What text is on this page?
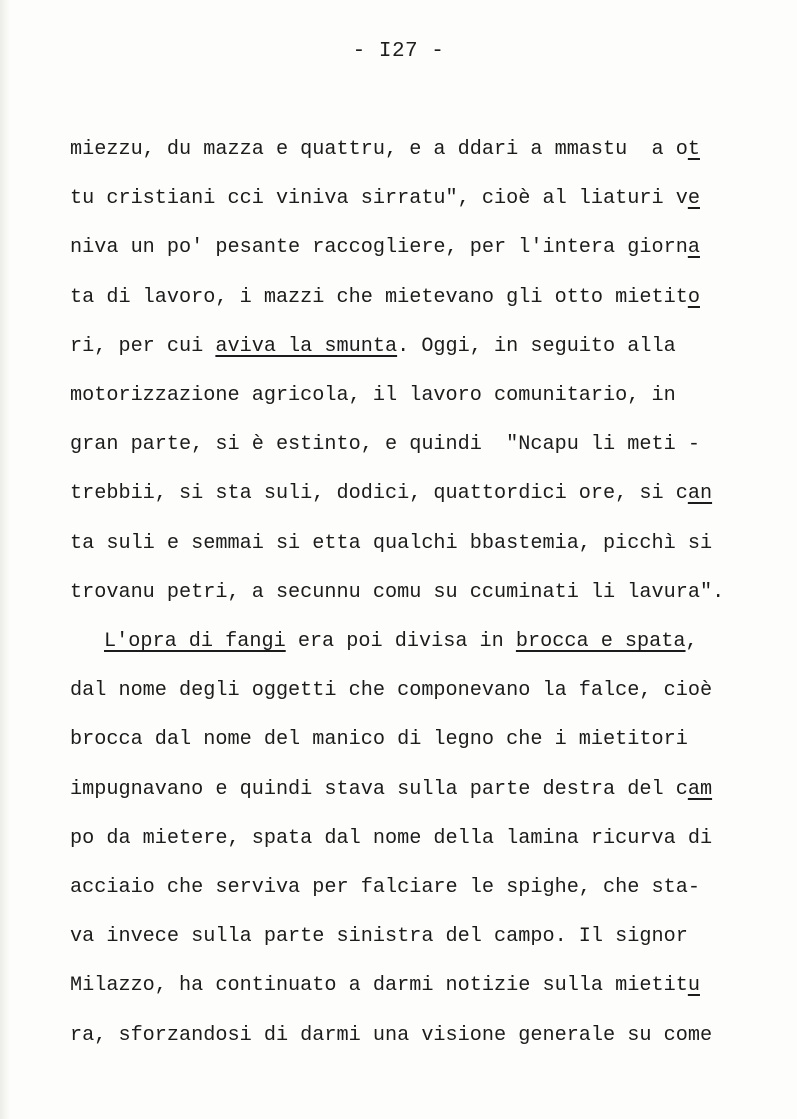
- I27 -
miezzu, du mazza e quattru, e a ddari a mmastu  a ot
tu cristiani cci viniva sirratu", cioè al liaturi ve
niva un po' pesante raccogliere, per l'intera giorna
ta di lavoro, i mazzi che mietevano gli otto mietito
ri, per cui aviva la smunta. Oggi, in seguito alla
motorizzazione agricola, il lavoro comunitario, in
gran parte, si è estinto, e quindi  "Ncapu li meti -
trebbii, si sta suli, dodici, quattordici ore, si can
ta suli e semmai si etta qualchi bbastemia, picchì si
trovanu petri, a secunnu comu su ccuminati li lavura".
L'opra di fangi era poi divisa in brocca e spata,
dal nome degli oggetti che componevano la falce, cioè
brocca dal nome del manico di legno che i mietitori
impugnavano e quindi stava sulla parte destra del cam
po da mietere, spata dal nome della lamina ricurva di
acciaio che serviva per falciare le spighe, che sta-
va invece sulla parte sinistra del campo. Il signor
Milazzo, ha continuato a darmi notizie sulla mietitu
ra, sforzandosi di darmi una visione generale su come
